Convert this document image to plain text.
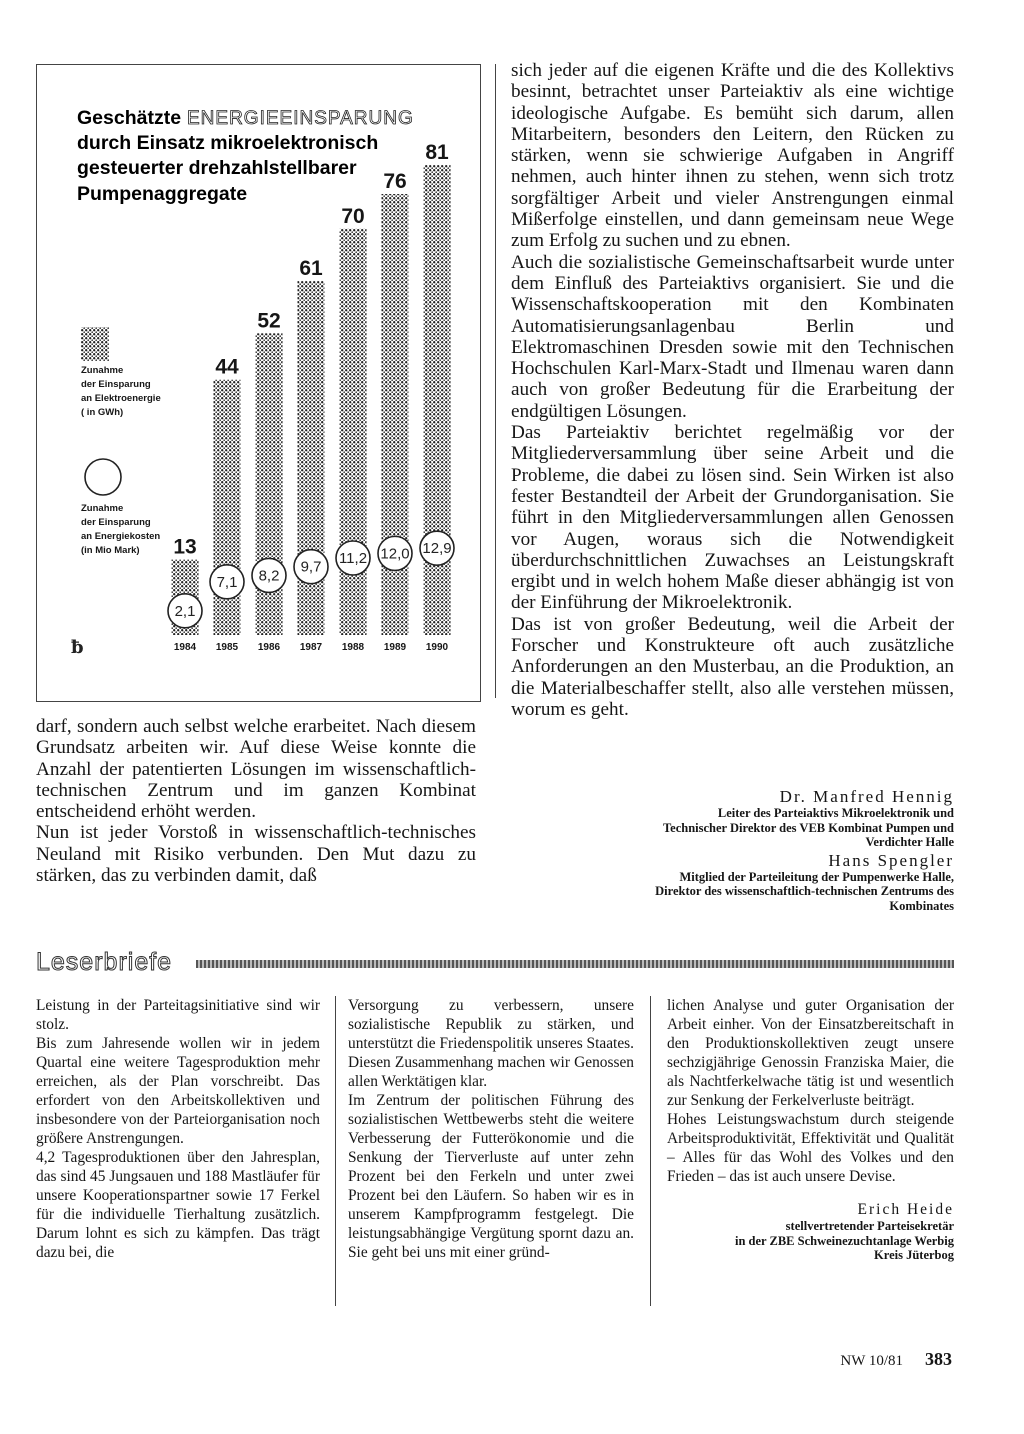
Geschätzte ENERGIEEINSPARUNG
durch Einsatz mikroelektronisch
gesteuerter drehzahlstellbarer
Pumpenaggregate
Zunahme
der Einsparung
an Elektroenergie
( in GWh)
Zunahme
der Einsparung
an Energiekosten
(in Mio Mark)
ƀ
13
2,1
1984
44
7,1
1985
52
8,2
1986
61
9,7
1987
70
11,2
1988
76
12,0
1989
81
12,9
1990

darf, sondern auch selbst welche erarbeitet. Nach diesem Grundsatz arbeiten wir. Auf diese Weise konnte die Anzahl der patentierten Lösungen im wissenschaftlich-technischen Zentrum und im ganzen Kombinat entscheidend erhöht werden.

Nun ist jeder Vorstoß in wissenschaftlich-technisches Neuland mit Risiko verbunden. Den Mut dazu zu stärken, das zu verbinden damit, daß

sich jeder auf die eigenen Kräfte und die des Kollektivs besinnt, betrachtet unser Parteiaktiv als eine wichtige ideologische Aufgabe. Es bemüht sich darum, allen Mitarbeitern, besonders den Leitern, den Rücken zu stärken, wenn sie schwierige Aufgaben in Angriff nehmen, auch hinter ihnen zu stehen, wenn sich trotz sorgfältiger Arbeit und vieler Anstrengungen einmal Mißerfolge einstellen, und dann gemeinsam neue Wege zum Erfolg zu suchen und zu ebnen.

Auch die sozialistische Gemeinschaftsarbeit wurde unter dem Einfluß des Parteiaktivs organisiert. Sie und die Wissenschaftskooperation mit den Kombinaten Automatisierungsanlagenbau Berlin und Elektromaschinen Dresden sowie mit den Technischen Hochschulen Karl-Marx-Stadt und Ilmenau waren dann auch von großer Bedeutung für die Erarbeitung der endgültigen Lösungen.

Das Parteiaktiv berichtet regelmäßig vor der Mitgliederversammlung über seine Arbeit und die Probleme, die dabei zu lösen sind. Sein Wirken ist also fester Bestandteil der Arbeit der Grundorganisation. Sie führt in den Mitgliederversammlungen allen Genossen vor Augen, woraus sich die Notwendigkeit überdurchschnittlichen Zuwachses an Leistungskraft ergibt und in welch hohem Maße dieser abhängig ist von der Einführung der Mikroelektronik.

Das ist von großer Bedeutung, weil die Arbeit der Forscher und Konstrukteure oft auch zusätzliche Anforderungen an den Musterbau, an die Produktion, an die Materialbeschaffer stellt, also alle verstehen müssen, worum es geht.

Dr. Manfred Hennig
Leiter des Parteiaktivs Mikroelektronik und
Technischer Direktor des VEB Kombinat Pumpen und
Verdichter Halle
Hans Spengler
Mitglied der Parteileitung der Pumpenwerke Halle,
Direktor des wissenschaftlich-technischen Zentrums des
Kombinates
Leserbriefe

Leistung in der Parteitagsinitiative sind wir stolz.

Bis zum Jahresende wollen wir in jedem Quartal eine weitere Tagesproduktion mehr erreichen, als der Plan vorschreibt. Das erfordert von den Arbeitskollektiven und insbesondere von der Parteiorganisation noch größere Anstrengungen.

4,2 Tagesproduktionen über den Jahresplan, das sind 45 Jungsauen und 188 Mastläufer für unsere Kooperationspartner sowie 17 Ferkel für die individuelle Tierhaltung zusätzlich. Darum lohnt es sich zu kämpfen. Das trägt dazu bei, die

Versorgung zu verbessern, unsere sozialistische Republik zu stärken, und unterstützt die Friedenspolitik unseres Staates. Diesen Zusammenhang machen wir Genossen allen Werktätigen klar.

Im Zentrum der politischen Führung des sozialistischen Wettbewerbs steht die weitere Verbesserung der Futterökonomie und die Senkung der Tierverluste auf unter zehn Prozent bei den Ferkeln und unter zwei Prozent bei den Läufern. So haben wir es in unserem Kampfprogramm festgelegt. Die leistungsabhängige Vergütung spornt dazu an. Sie geht bei uns mit einer gründ-

lichen Analyse und guter Organisation der Arbeit einher. Von der Einsatzbereitschaft in den Produktionskollektiven zeugt unsere sechzigjährige Genossin Franziska Maier, die als Nachtferkelwache tätig ist und wesentlich zur Senkung der Ferkelverluste beiträgt.

Hohes Leistungswachstum durch steigende Arbeitsproduktivität, Effektivität und Qualität – Alles für das Wohl des Volkes und den Frieden – das ist auch unsere Devise.

Erich Heide
stellvertretender Parteisekretär
in der ZBE Schweinezuchtanlage Werbig
Kreis Jüterbog
NW 10/81 383
